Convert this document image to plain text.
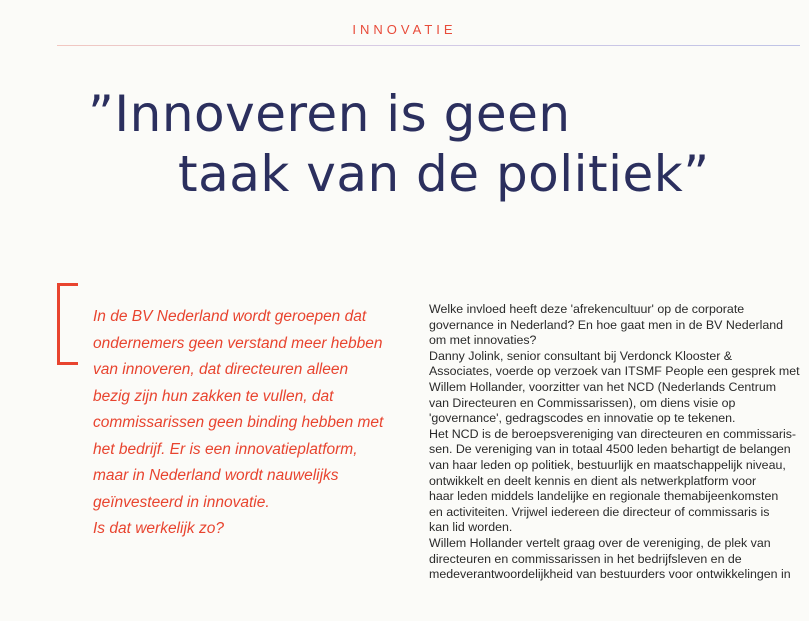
INNOVATIE
”Innoveren is geen
taak van de politiek”

In de BV Nederland wordt geroepen dat
ondernemers geen verstand meer hebben
van innoveren, dat directeuren alleen
bezig zijn hun zakken te vullen, dat
commissarissen geen binding hebben met
het bedrijf. Er is een innovatieplatform,
maar in Nederland wordt nauwelijks
geïnvesteerd in innovatie.
Is dat werkelijk zo?

Welke invloed heeft deze 'afrekencultuur' op de corporate
governance in Nederland? En hoe gaat men in de BV Nederland
om met innovaties?
Danny Jolink, senior consultant bij Verdonck Klooster &
Associates, voerde op verzoek van ITSMF People een gesprek met
Willem Hollander, voorzitter van het NCD (Nederlands Centrum
van Directeuren en Commissarissen), om diens visie op
'governance', gedragscodes en innovatie op te tekenen.
Het NCD is de beroepsvereniging van directeuren en commissaris-
sen. De vereniging van in totaal 4500 leden behartigt de belangen
van haar leden op politiek, bestuurlijk en maatschappelijk niveau,
ontwikkelt en deelt kennis en dient als netwerkplatform voor
haar leden middels landelijke en regionale themabijeenkomsten
en activiteiten. Vrijwel iedereen die directeur of commissaris is
kan lid worden.
Willem Hollander vertelt graag over de vereniging, de plek van
directeuren en commissarissen in het bedrijfsleven en de
medeverantwoordelijkheid van bestuurders voor ontwikkelingen in
